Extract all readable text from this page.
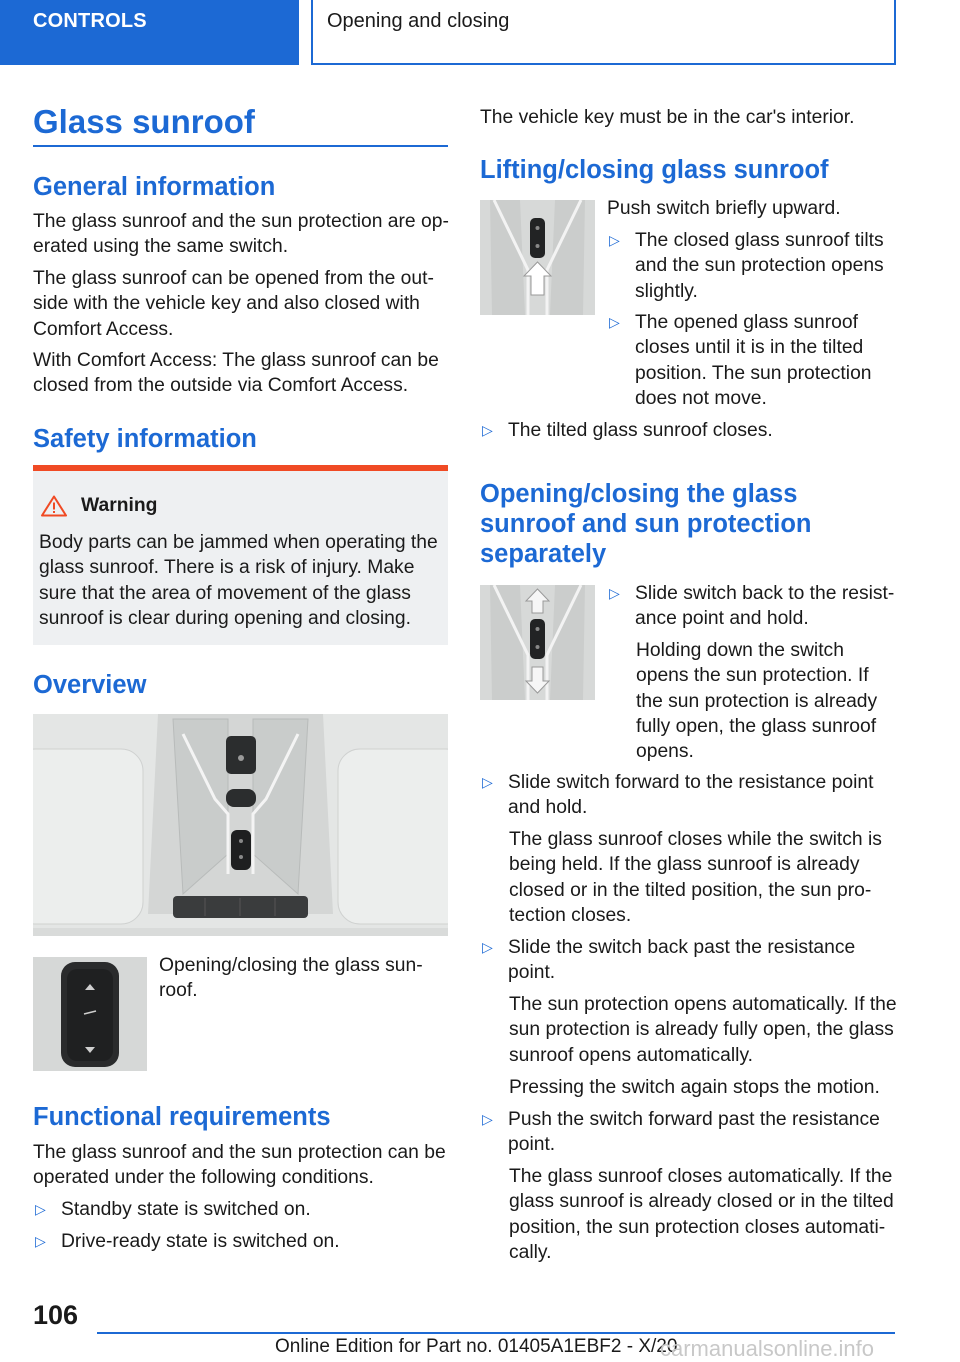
CONTROLS	Opening and closing
Glass sunroof
General information

The glass sunroof and the sun protection are op‐ erated using the same switch.

The glass sunroof can be opened from the out‐ side with the vehicle key and also closed with Comfort Access.

With Comfort Access: The glass sunroof can be closed from the outside via Comfort Access.

Safety information
Warning

Body parts can be jammed when operating the glass sunroof. There is a risk of injury. Make sure that the area of movement of the glass sunroof is clear during opening and closing.

Overview

Opening/closing the glass sun‐ roof.

Functional requirements

The glass sunroof and the sun protection can be operated under the following conditions.

▷ Standby state is switched on.
▷ Drive-ready state is switched on.

The vehicle key must be in the car's interior.

Lifting/closing glass sunroof

Push switch briefly upward.

▷ The closed glass sunroof tilts and the sun protection opens slightly.
▷ The opened glass sunroof closes until it is in the tilted position. The sun protection does not move.
▷ The tilted glass sunroof closes.
Opening/closing the glass
sunroof and sun protection
separately
▷ Slide switch back to the resist‐ ance point and hold.

Holding down the switch opens the sun protection. If the sun protection is already fully open, the glass sunroof opens.

▷ Slide switch forward to the resistance point and hold.

The glass sunroof closes while the switch is being held. If the glass sunroof is already closed or in the tilted position, the sun pro‐ tection closes.

▷ Slide the switch back past the resistance point.

The sun protection opens automatically. If the sun protection is already fully open, the glass sunroof opens automatically.

Pressing the switch again stops the motion.

▷ Push the switch forward past the resistance point.

The glass sunroof closes automatically. If the glass sunroof is already closed or in the tilted position, the sun protection closes automati‐ cally.

106
Online Edition for Part no. 01405A1EBF2 - X/20
carmanualsonline.info
